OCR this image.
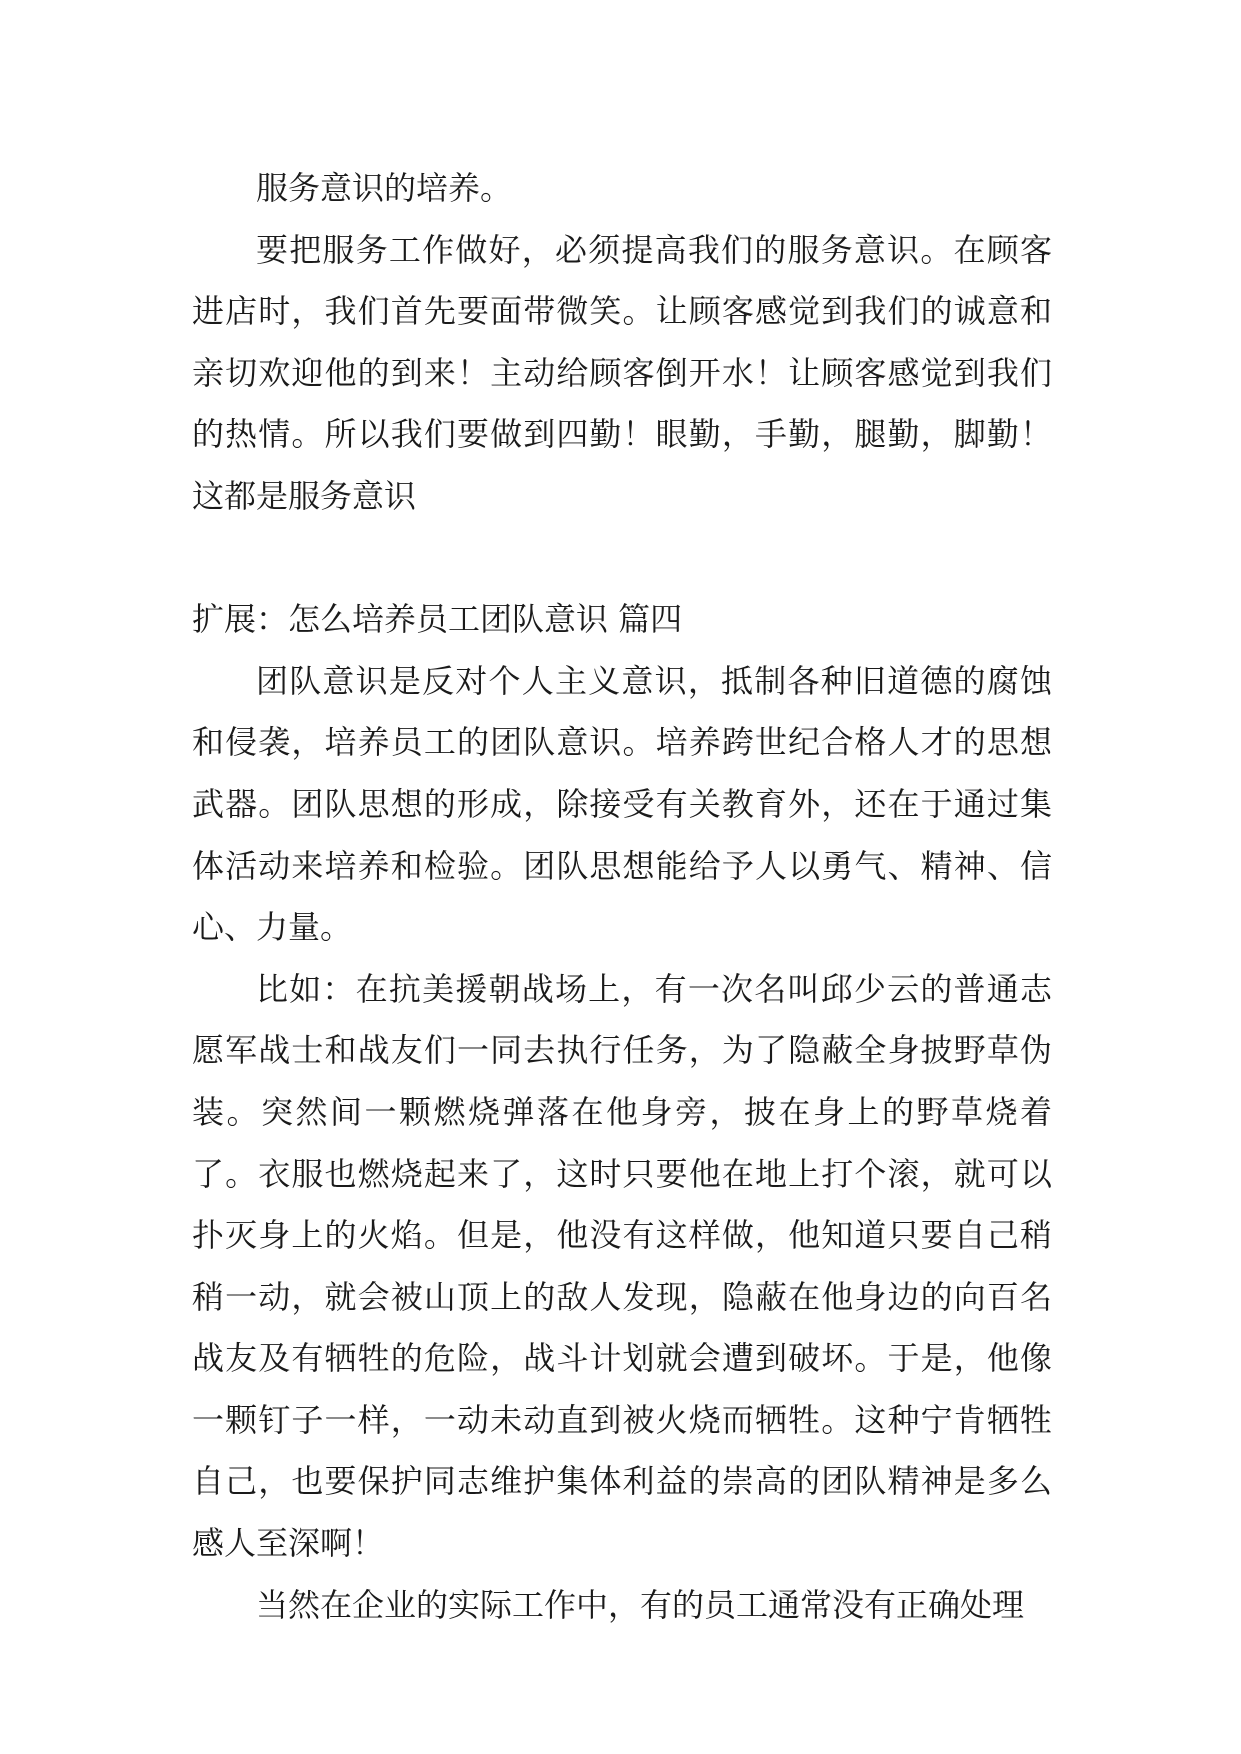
服务意识的培养。

要把服务工作做好，必须提高我们的服务意识。在顾客进店时，我们首先要面带微笑。让顾客感觉到我们的诚意和亲切欢迎他的到来！主动给顾客倒开水！让顾客感觉到我们的热情。所以我们要做到四勤！眼勤，手勤，腿勤，脚勤！这都是服务意识

扩展：怎么培养员工团队意识 篇四

团队意识是反对个人主义意识，抵制各种旧道德的腐蚀和侵袭，培养员工的团队意识。培养跨世纪合格人才的思想武器。团队思想的形成，除接受有关教育外，还在于通过集体活动来培养和检验。团队思想能给予人以勇气、精神、信心、力量。

比如：在抗美援朝战场上，有一次名叫邱少云的普通志愿军战士和战友们一同去执行任务，为了隐蔽全身披野草伪装。突然间一颗燃烧弹落在他身旁，披在身上的野草烧着了。衣服也燃烧起来了，这时只要他在地上打个滚，就可以扑灭身上的火焰。但是，他没有这样做，他知道只要自己稍稍一动，就会被山顶上的敌人发现，隐蔽在他身边的向百名战友及有牺牲的危险，战斗计划就会遭到破坏。于是，他像一颗钉子一样，一动未动直到被火烧而牺牲。这种宁肯牺牲自己，也要保护同志维护集体利益的崇高的团队精神是多么感人至深啊！

当然在企业的实际工作中，有的员工通常没有正确处理
